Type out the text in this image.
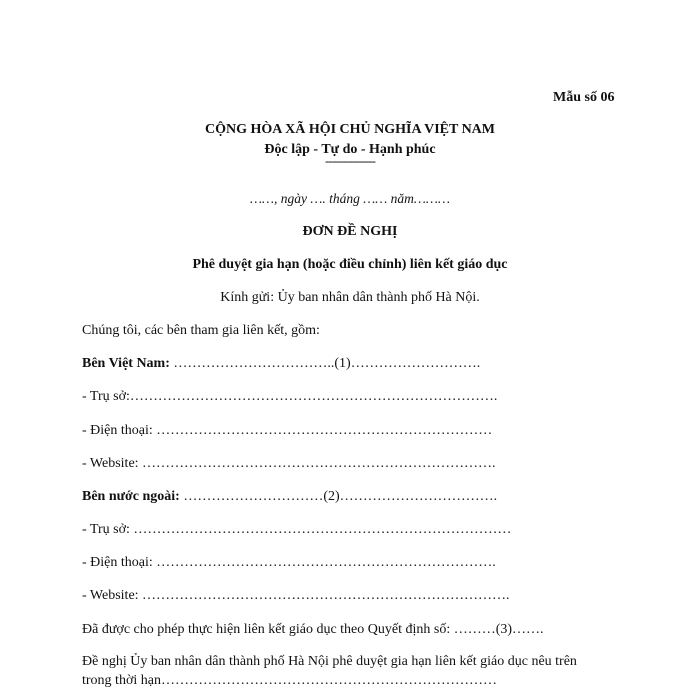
Mẫu số 06

CỘNG HÒA XÃ HỘI CHỦ NGHĨA VIỆT NAM

Độc lập - Tự do - Hạnh phúc

---------------

……, ngày …. tháng …… năm………

ĐƠN ĐỀ NGHỊ

Phê duyệt gia hạn (hoặc điều chỉnh) liên kết giáo dục

Kính gửi: Ủy ban nhân dân thành phố Hà Nội.

Chúng tôi, các bên tham gia liên kết, gồm:

Bên Việt Nam: ……………………………..(1)……………………….

- Trụ sở:…………………………………………………………………….

- Điện thoại: ………………………………………………………………

- Website: ………………………………………………………………….

Bên nước ngoài: …………………………(2)…………………………….

- Trụ sở: ………………………………………………………………………

- Điện thoại: ……………………………………………………………….

- Website: …………………………………………………………………….

Đã được cho phép thực hiện liên kết giáo dục theo Quyết định số: ………(3)…….

Đề nghị Ủy ban nhân dân thành phố Hà Nội phê duyệt gia hạn liên kết giáo dục nêu trên

trong thời hạn………………………………………………………………
